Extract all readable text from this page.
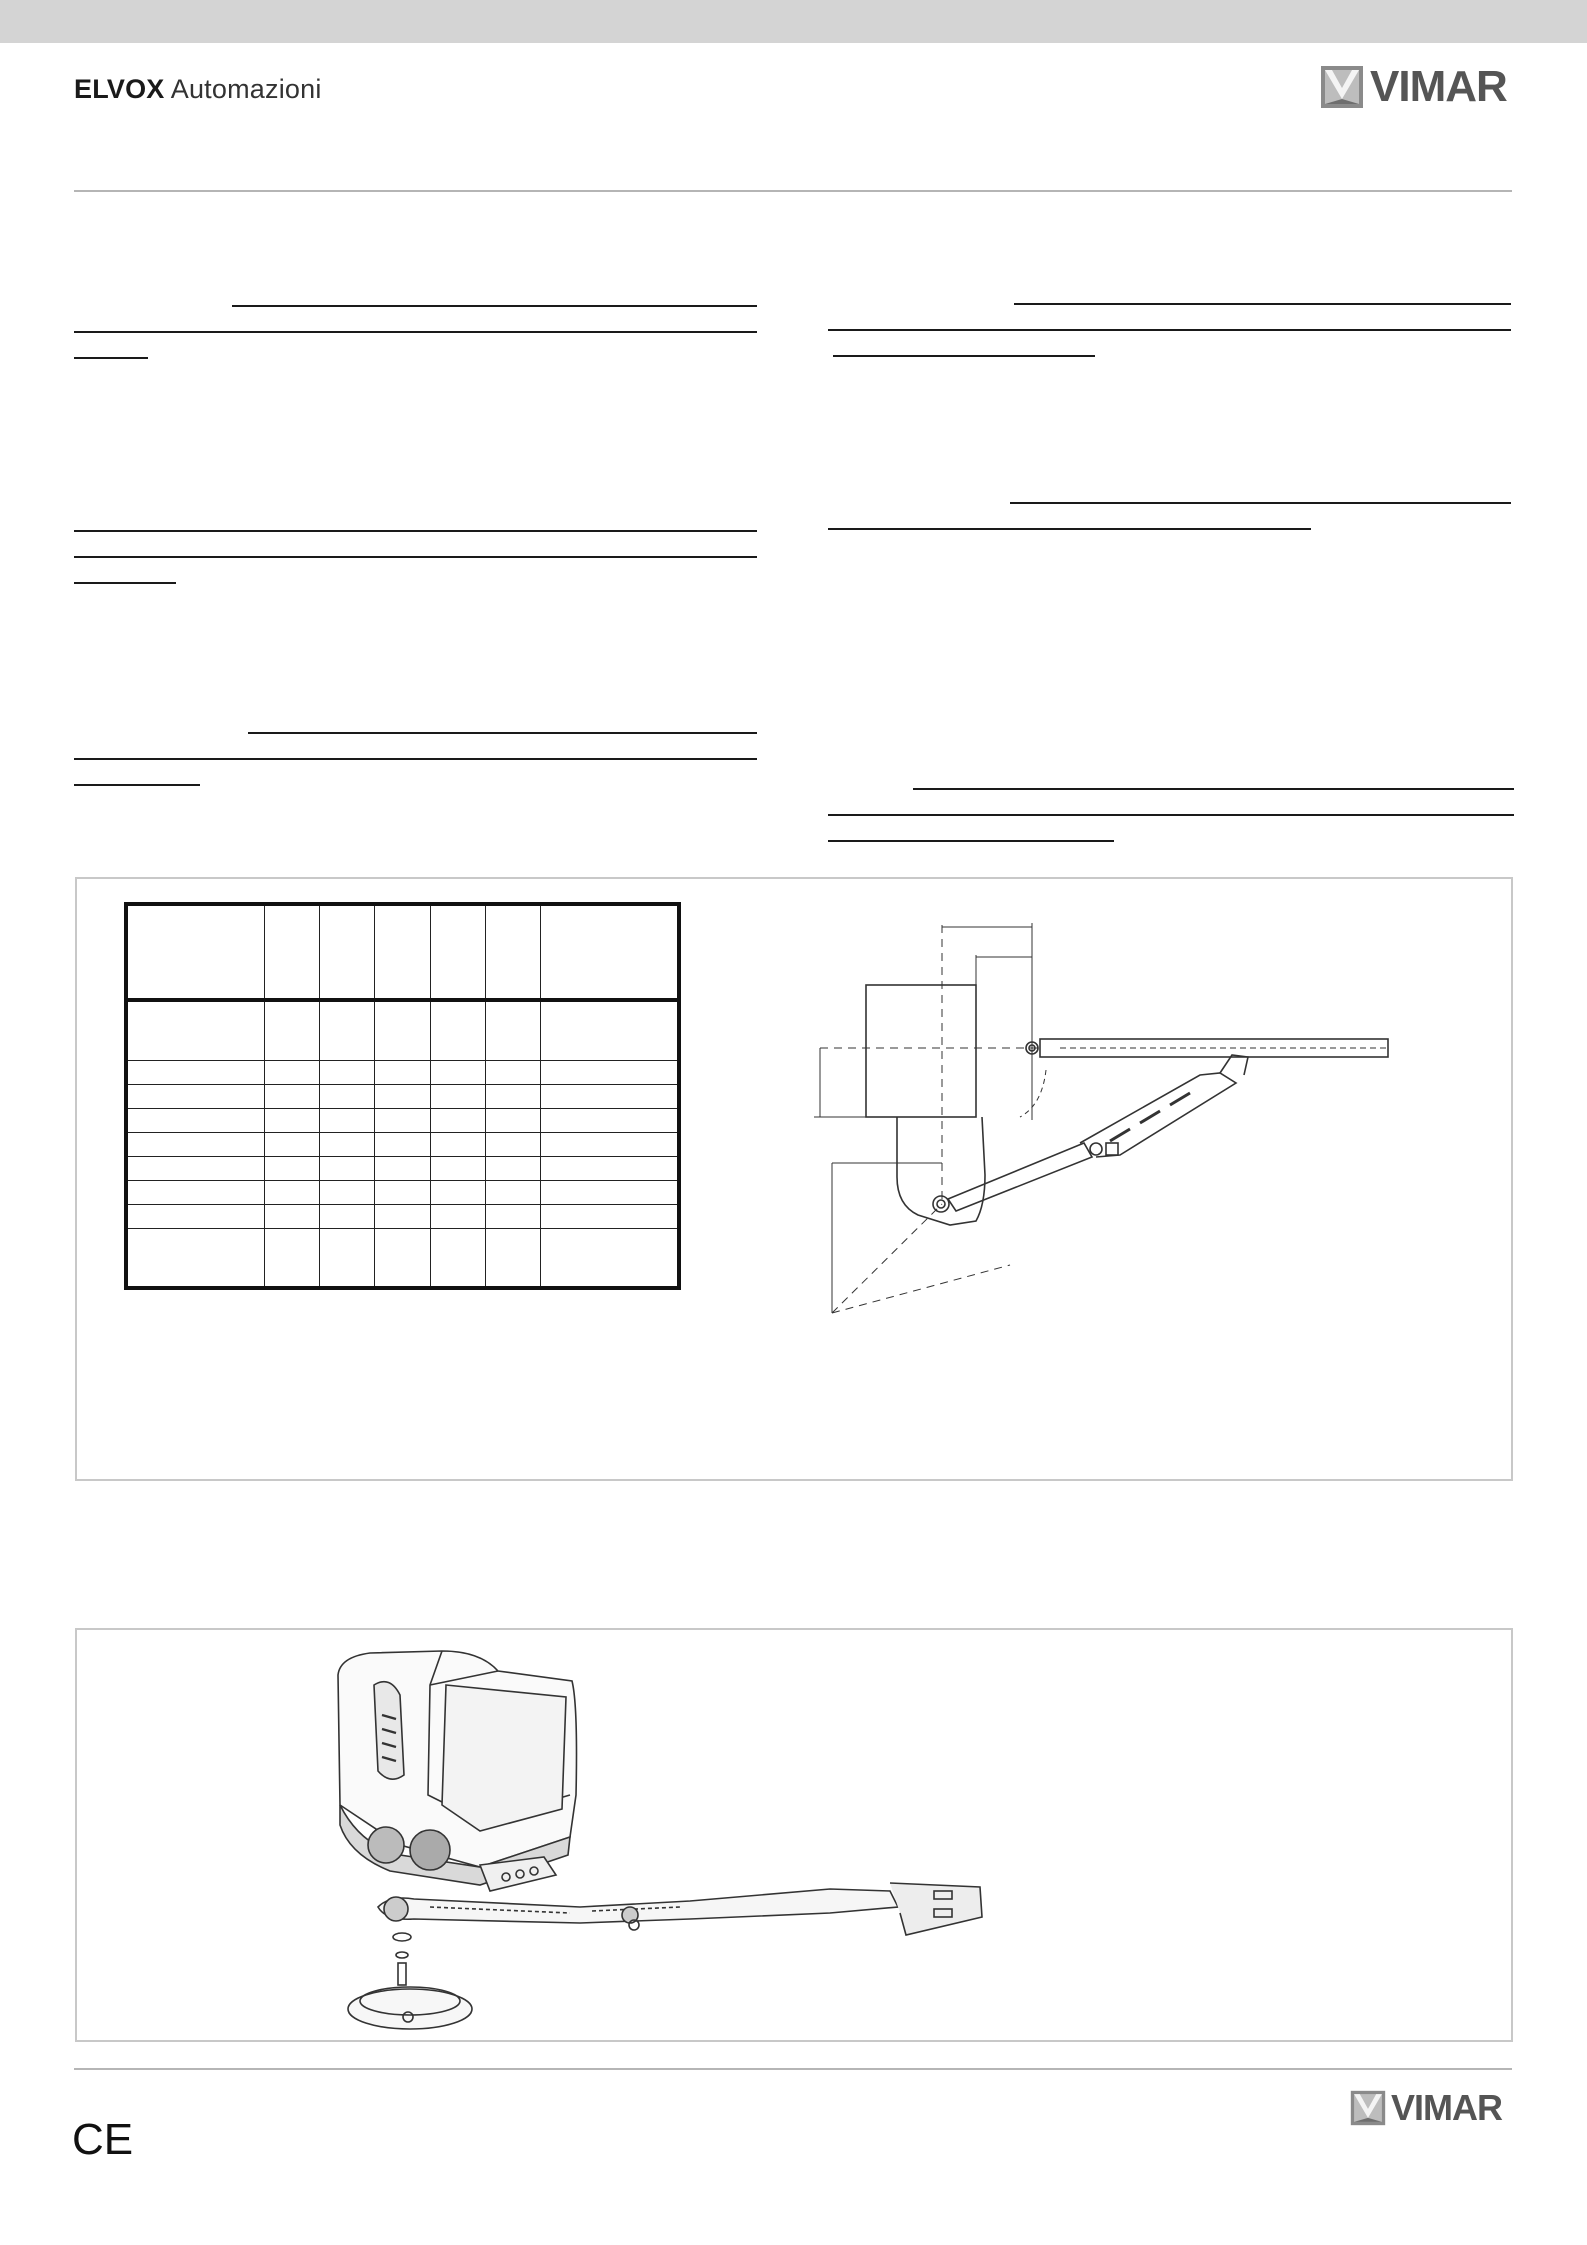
ELVOX Automazioni	VIMAR

CE
VIMAR
